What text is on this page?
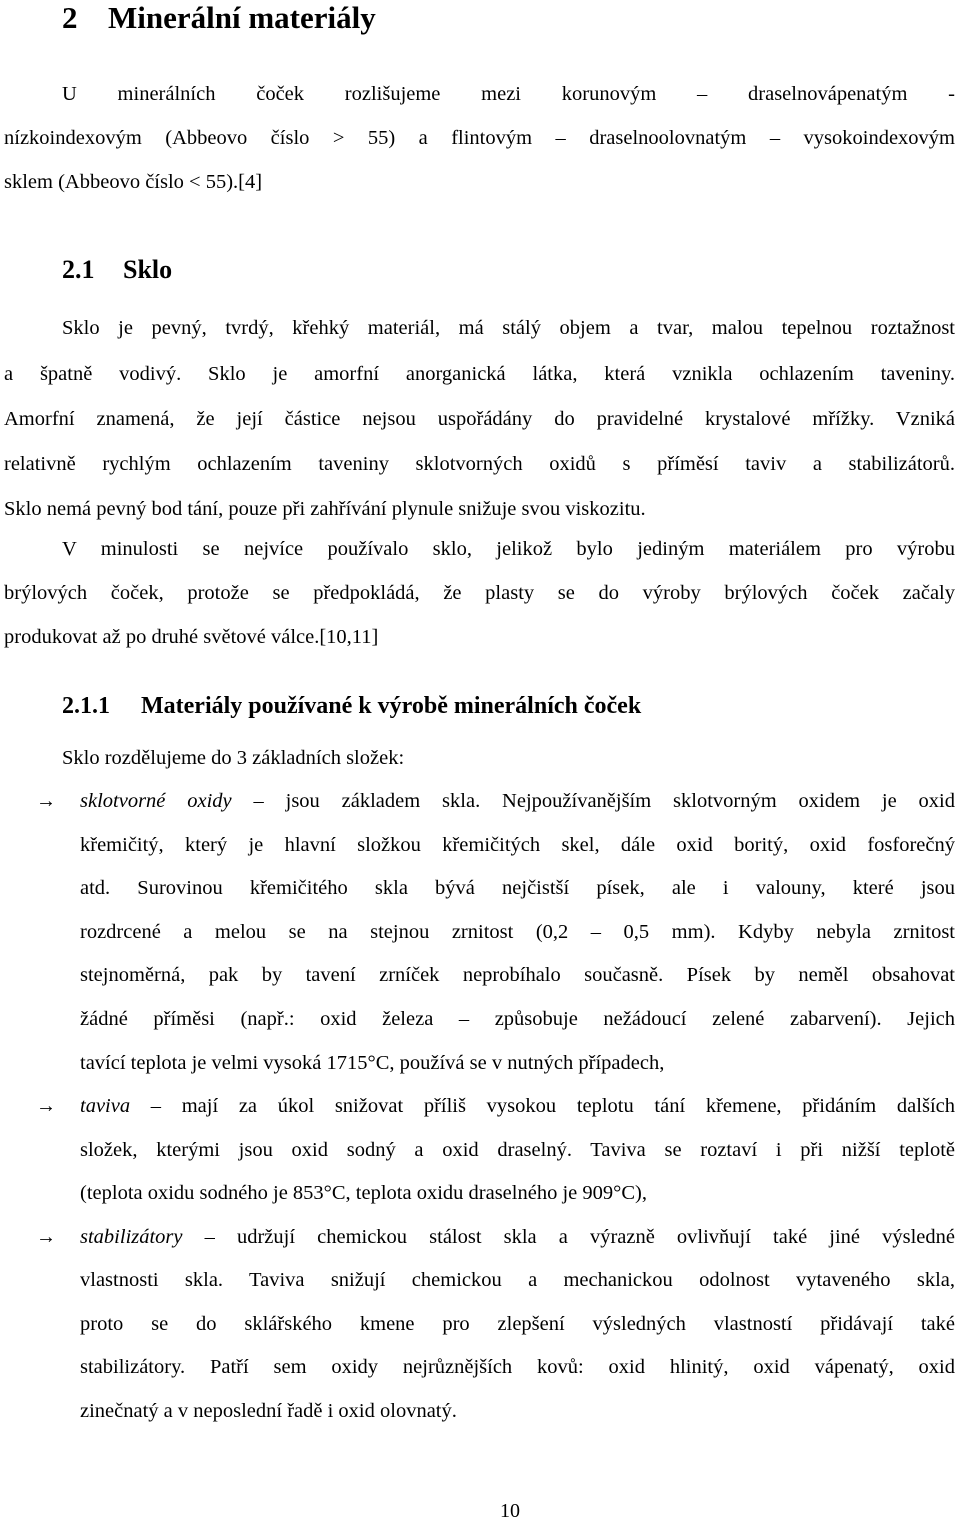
2 Minerální materiály
U minerálních čoček rozlišujeme mezi korunovým – draselnovápenatým -
nízkoindexovým (Abbeovo číslo > 55) a flintovým – draselnoolovnatým – vysokoindexovým
sklem (Abbeovo číslo < 55).[4]
2.1 Sklo
Sklo je pevný, tvrdý, křehký materiál, má stálý objem a tvar, malou tepelnou roztažnost
a špatně vodivý. Sklo je amorfní anorganická látka, která vznikla ochlazením taveniny.
Amorfní znamená, že její částice nejsou uspořádány do pravidelné krystalové mřížky. Vzniká
relativně rychlým ochlazením taveniny sklotvorných oxidů s příměsí taviv a stabilizátorů.
Sklo nemá pevný bod tání, pouze při zahřívání plynule snižuje svou viskozitu.
V minulosti se nejvíce používalo sklo, jelikož bylo jediným materiálem pro výrobu
brýlových čoček, protože se předpokládá, že plasty se do výroby brýlových čoček začaly
produkovat až po druhé světové válce.[10,11]
2.1.1 Materiály používané k výrobě minerálních čoček
Sklo rozdělujeme do 3 základních složek:
→ sklotvorné oxidy – jsou základem skla. Nejpoužívanějším sklotvorným oxidem je oxid
křemičitý, který je hlavní složkou křemičitých skel, dále oxid boritý, oxid fosforečný
atd. Surovinou křemičitého skla bývá nejčistší písek, ale i valouny, které jsou
rozdrcené a melou se na stejnou zrnitost (0,2 – 0,5 mm). Kdyby nebyla zrnitost
stejnoměrná, pak by tavení zrníček neprobíhalo současně. Písek by neměl obsahovat
žádné příměsi (např.: oxid železa – způsobuje nežádoucí zelené zabarvení). Jejich
tavící teplota je velmi vysoká 1715°C, používá se v nutných případech,
→ taviva – mají za úkol snižovat příliš vysokou teplotu tání křemene, přidáním dalších
složek, kterými jsou oxid sodný a oxid draselný. Taviva se roztaví i při nižší teplotě
(teplota oxidu sodného je 853°C, teplota oxidu draselného je 909°C),
→ stabilizátory – udržují chemickou stálost skla a výrazně ovlivňují také jiné výsledné
vlastnosti skla. Taviva snižují chemickou a mechanickou odolnost vytaveného skla,
proto se do sklářského kmene pro zlepšení výsledných vlastností přidávají také
stabilizátory. Patří sem oxidy nejrůznějších kovů: oxid hlinitý, oxid vápenatý, oxid
zinečnatý a v neposlední řadě i oxid olovnatý.
10
